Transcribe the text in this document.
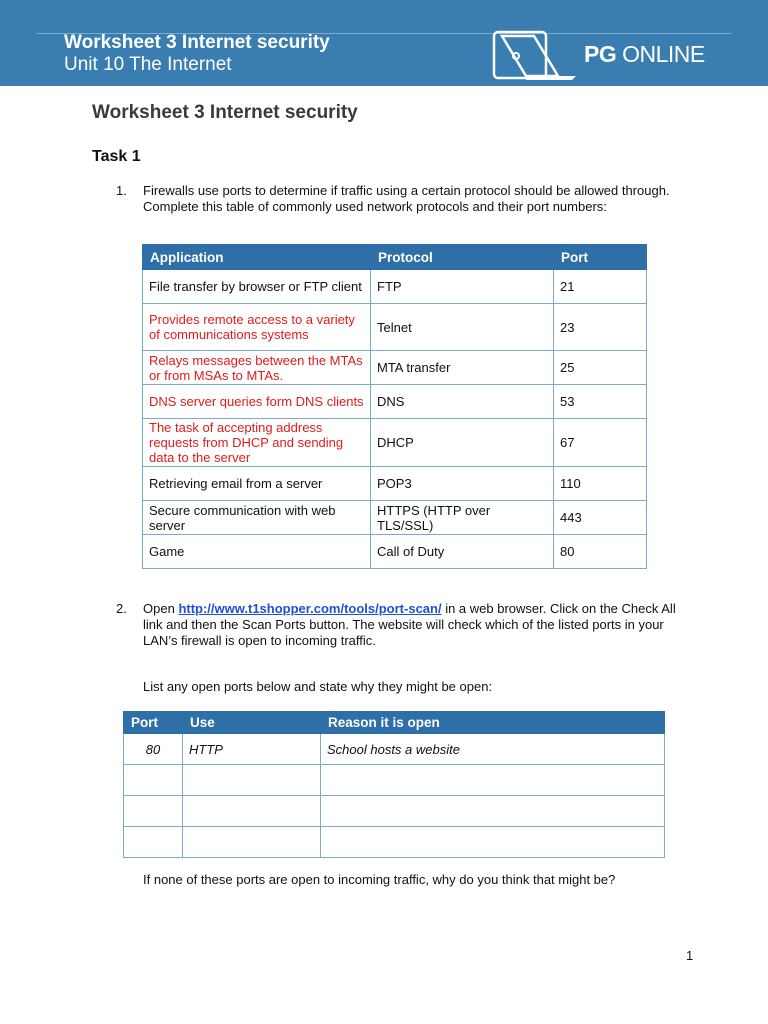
Worksheet 3 Internet security
Unit 10 The Internet	PG ONLINE
Worksheet 3 Internet security
Task 1
1. Firewalls use ports to determine if traffic using a certain protocol should be allowed through. Complete this table of commonly used network protocols and their port numbers:
Application	Protocol	Port
File transfer by browser or FTP client	FTP	21
Provides remote access to a variety of communications systems	Telnet	23
Relays messages between the MTAs or from MSAs to MTAs.	MTA transfer	25
DNS server queries form DNS clients	DNS	53
The task of accepting address requests from DHCP and sending data to the server	DHCP	67
Retrieving email from a server	POP3	110
Secure communication with web server	HTTPS (HTTP over TLS/SSL)	443
Game	Call of Duty	80
2. Open http://www.t1shopper.com/tools/port-scan/ in a web browser. Click on the Check All link and then the Scan Ports button. The website will check which of the listed ports in your LAN’s firewall is open to incoming traffic.
List any open ports below and state why they might be open:
Port	Use	Reason it is open
80	HTTP	School hosts a website

If none of these ports are open to incoming traffic, why do you think that might be?
1
